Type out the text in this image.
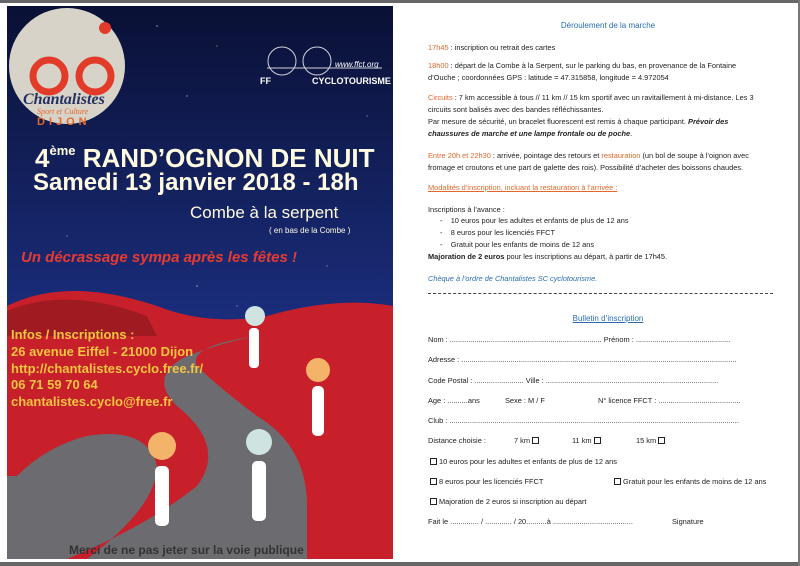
Chantalistes
Sport et Culture
DIJON
www.ffct.org
FF	CYCLOTOURISME
4ème RAND’OGNON DE NUIT
Samedi 13 janvier 2018 - 18h
Combe à la serpent
( en bas de la Combe )
Un décrassage sympa après les fêtes !
Infos / Inscriptions :
26 avenue Eiffel - 21000 Dijon
http://chantalistes.cyclo.free.fr/
06 71 59 70 64
chantalistes.cyclo@free.fr
Merci de ne pas jeter sur la voie publique
Déroulement de la marche
17h45 : inscription ou retrait des cartes
18h00 : départ de la Combe à la Serpent, sur le parking du bas, en provenance de la Fontaine
d’Ouche ; coordonnées GPS : latitude = 47.315858, longitude = 4.972054
Circuits : 7 km accessible à tous // 11 km // 15 km sportif avec un ravitaillement à mi-distance. Les 3
circuits sont balisés avec des bandes réfléchissantes.
Par mesure de sécurité, un bracelet fluorescent est remis à chaque participant. Prévoir des
chaussures de marche et une lampe frontale ou de poche.
Entre 20h et 22h30 : arrivée, pointage des retours et restauration (un bol de soupe à l’oignon avec
fromage et croutons et une part de galette des rois). Possibilité d’acheter des boissons chaudes.
Modalités d’inscription, incluant la restauration à l’arrivée :
Inscriptions à l’avance :
-    10 euros pour les adultes et enfants de plus de 12 ans
-    8 euros pour les licenciés FFCT
-    Gratuit pour les enfants de moins de 12 ans
Majoration de 2 euros pour les inscriptions au départ, à partir de 17h45.
Chèque à l’ordre de Chantalistes SC cyclotourisme.
Bulletin d’inscription
Nom : .......................................................................... Prénom : ..............................................
Adresse : ......................................................................................................................................
Code Postal : ........................ Ville : ....................................................................................
Age : ..........ans	Sexe : M / F	N° licence FFCT : ........................................
Club : .............................................................................................................................................
Distance choisie :	7 km	11 km	15 km
10 euros pour les adultes et enfants de plus de 12 ans
8 euros pour les licenciés FFCT	Gratuit pour les enfants de moins de 12 ans
Majoration de 2 euros si inscription au départ
Fait le .............. / ............. / 20..........à .......................................	Signature
